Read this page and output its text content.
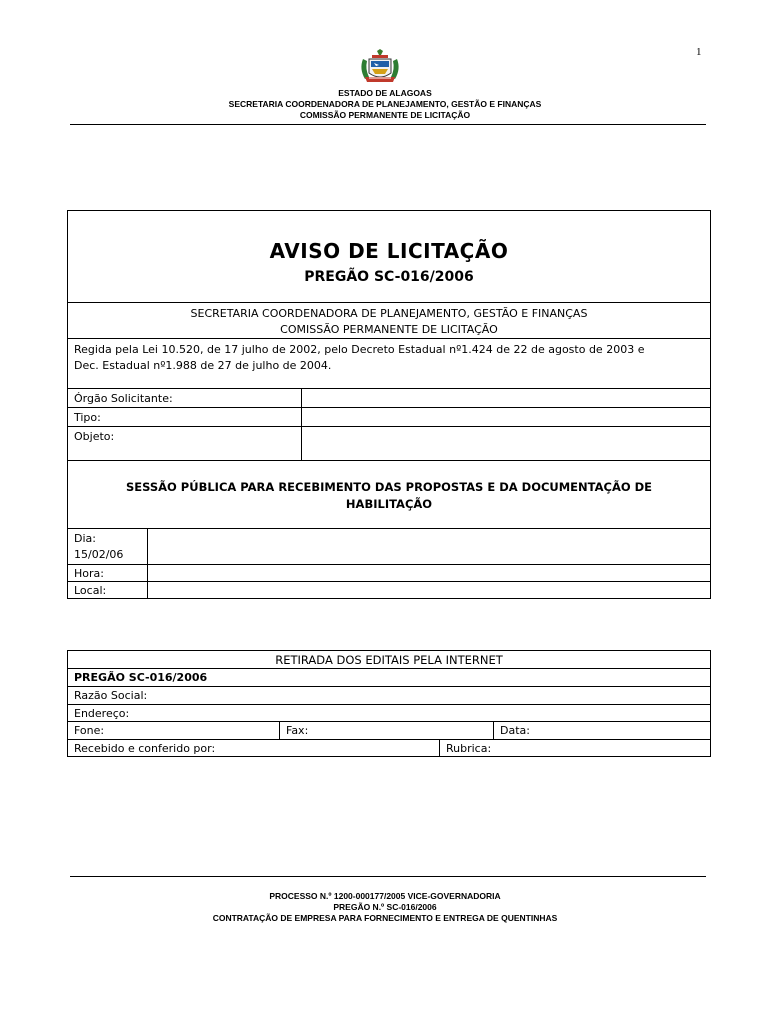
1
ESTADO DE ALAGOAS
SECRETARIA COORDENADORA DE PLANEJAMENTO, GESTÃO E FINANÇAS
COMISSÃO PERMANENTE DE LICITAÇÃO
AVISO DE LICITAÇÃO
PREGÃO SC-016/2006
SECRETARIA COORDENADORA DE PLANEJAMENTO, GESTÃO E FINANÇAS
COMISSÃO PERMANENTE DE LICITAÇÃO
Regida pela Lei 10.520, de 17 julho de 2002, pelo Decreto Estadual nº1.424 de 22 de agosto de 2003 e
Dec. Estadual nº1.988 de 27 de julho de 2004.
Órgão Solicitante:
Tipo:
Objeto:
SESSÃO PÚBLICA PARA RECEBIMENTO DAS PROPOSTAS E DA DOCUMENTAÇÃO DE
HABILITAÇÃO
Dia:
15/02/06
Hora:
Local:
RETIRADA DOS EDITAIS PELA INTERNET
PREGÃO SC-016/2006
Razão Social:
Endereço:
Fone:	Fax:	Data:
Recebido e conferido por:	Rubrica:
PROCESSO N.º 1200-000177/2005 VICE-GOVERNADORIA
PREGÃO N.º SC-016/2006
CONTRATAÇÃO DE EMPRESA PARA FORNECIMENTO E ENTREGA DE QUENTINHAS
